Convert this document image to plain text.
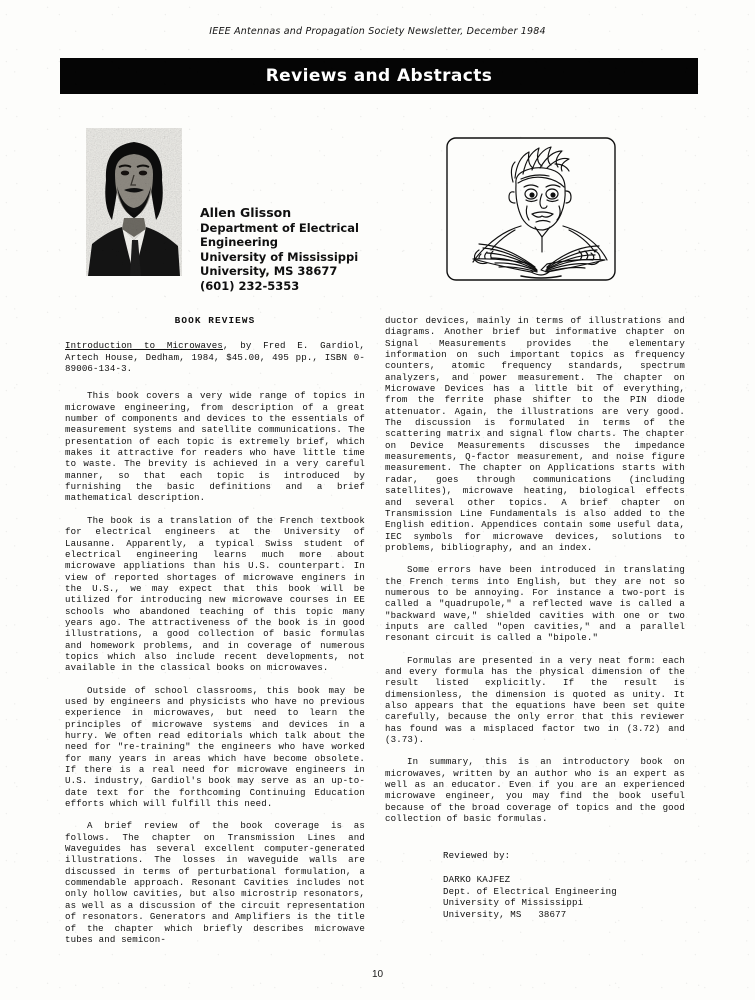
IEEE Antennas and Propagation Society Newsletter, December 1984
Reviews and Abstracts
Allen Glisson
Department of Electrical
Engineering
University of Mississippi
University, MS 38677
(601) 232-5353
BOOK REVIEWS
Introduction to Microwaves, by Fred E. Gardiol, Artech House, Dedham, 1984, $45.00, 495 pp., ISBN 0-89006-134-3.

This book covers a very wide range of topics in microwave engineering, from description of a great number of components and devices to the essentials of measurement systems and satellite communications. The presentation of each topic is extremely brief, which makes it attractive for readers who have little time to waste. The brevity is achieved in a very careful manner, so that each topic is introduced by furnishing the basic definitions and a brief mathematical description.

The book is a translation of the French textbook for electrical engineers at the University of Lausanne. Apparently, a typical Swiss student of electrical engineering learns much more about microwave appliations than his U.S. counterpart. In view of reported shortages of microwave enginers in the U.S., we may expect that this book will be utilized for introducing new microwave courses in EE schools who abandoned teaching of this topic many years ago. The attractiveness of the book is in good illustrations, a good collection of basic formulas and homework problems, and in coverage of numerous topics which also include recent developments, not available in the classical books on microwaves.

Outside of school classrooms, this book may be used by engineers and physicists who have no previous experience in microwaves, but need to learn the principles of microwave systems and devices in a hurry. We often read editorials which talk about the need for "re-training" the engineers who have worked for many years in areas which have become obsolete. If there is a real need for microwave engineers in U.S. industry, Gardiol's book may serve as an up-to-date text for the forthcoming Continuing Education efforts which will fulfill this need.

A brief review of the book coverage is as follows. The chapter on Transmission Lines and Waveguides has several excellent computer-generated illustrations. The losses in waveguide walls are discussed in terms of perturbational formulation, a commendable approach. Resonant Cavities includes not only hollow cavities, but also microstrip resonators, as well as a discussion of the circuit representation of resonators. Generators and Amplifiers is the title of the chapter which briefly describes microwave tubes and semicon-

ductor devices, mainly in terms of illustrations and diagrams. Another brief but informative chapter on Signal Measurements provides the elementary information on such important topics as frequency counters, atomic frequency standards, spectrum analyzers, and power measurement. The chapter on Microwave Devices has a little bit of everything, from the ferrite phase shifter to the PIN diode attenuator. Again, the illustrations are very good. The discussion is formulated in terms of the scattering matrix and signal flow charts. The chapter on Device Measurements discusses the impedance measurements, Q-factor measurement, and noise figure measurement. The chapter on Applications starts with radar, goes through communications (including satellites), microwave heating, biological effects and several other topics. A brief chapter on Transmission Line Fundamentals is also added to the English edition. Appendices contain some useful data, IEC symbols for microwave devices, solutions to problems, bibliography, and an index.

Some errors have been introduced in translating the French terms into English, but they are not so numerous to be annoying. For instance a two-port is called a "quadrupole," a reflected wave is called a "backward wave," shielded cavities with one or two inputs are called "open cavities," and a parallel resonant circuit is called a "bipole."

Formulas are presented in a very neat form: each and every formula has the physical dimension of the result listed explicitly. If the result is dimensionless, the dimension is quoted as unity. It also appears that the equations have been set quite carefully, because the only error that this reviewer has found was a misplaced factor two in (3.72) and (3.73).

In summary, this is an introductory book on microwaves, written by an author who is an expert as well as an educator. Even if you are an experienced microwave engineer, you may find the book useful because of the broad coverage of topics and the good collection of basic formulas.

Reviewed by:
DARKO KAJFEZ
Dept. of Electrical Engineering
University of Mississippi
University, MS   38677
10
